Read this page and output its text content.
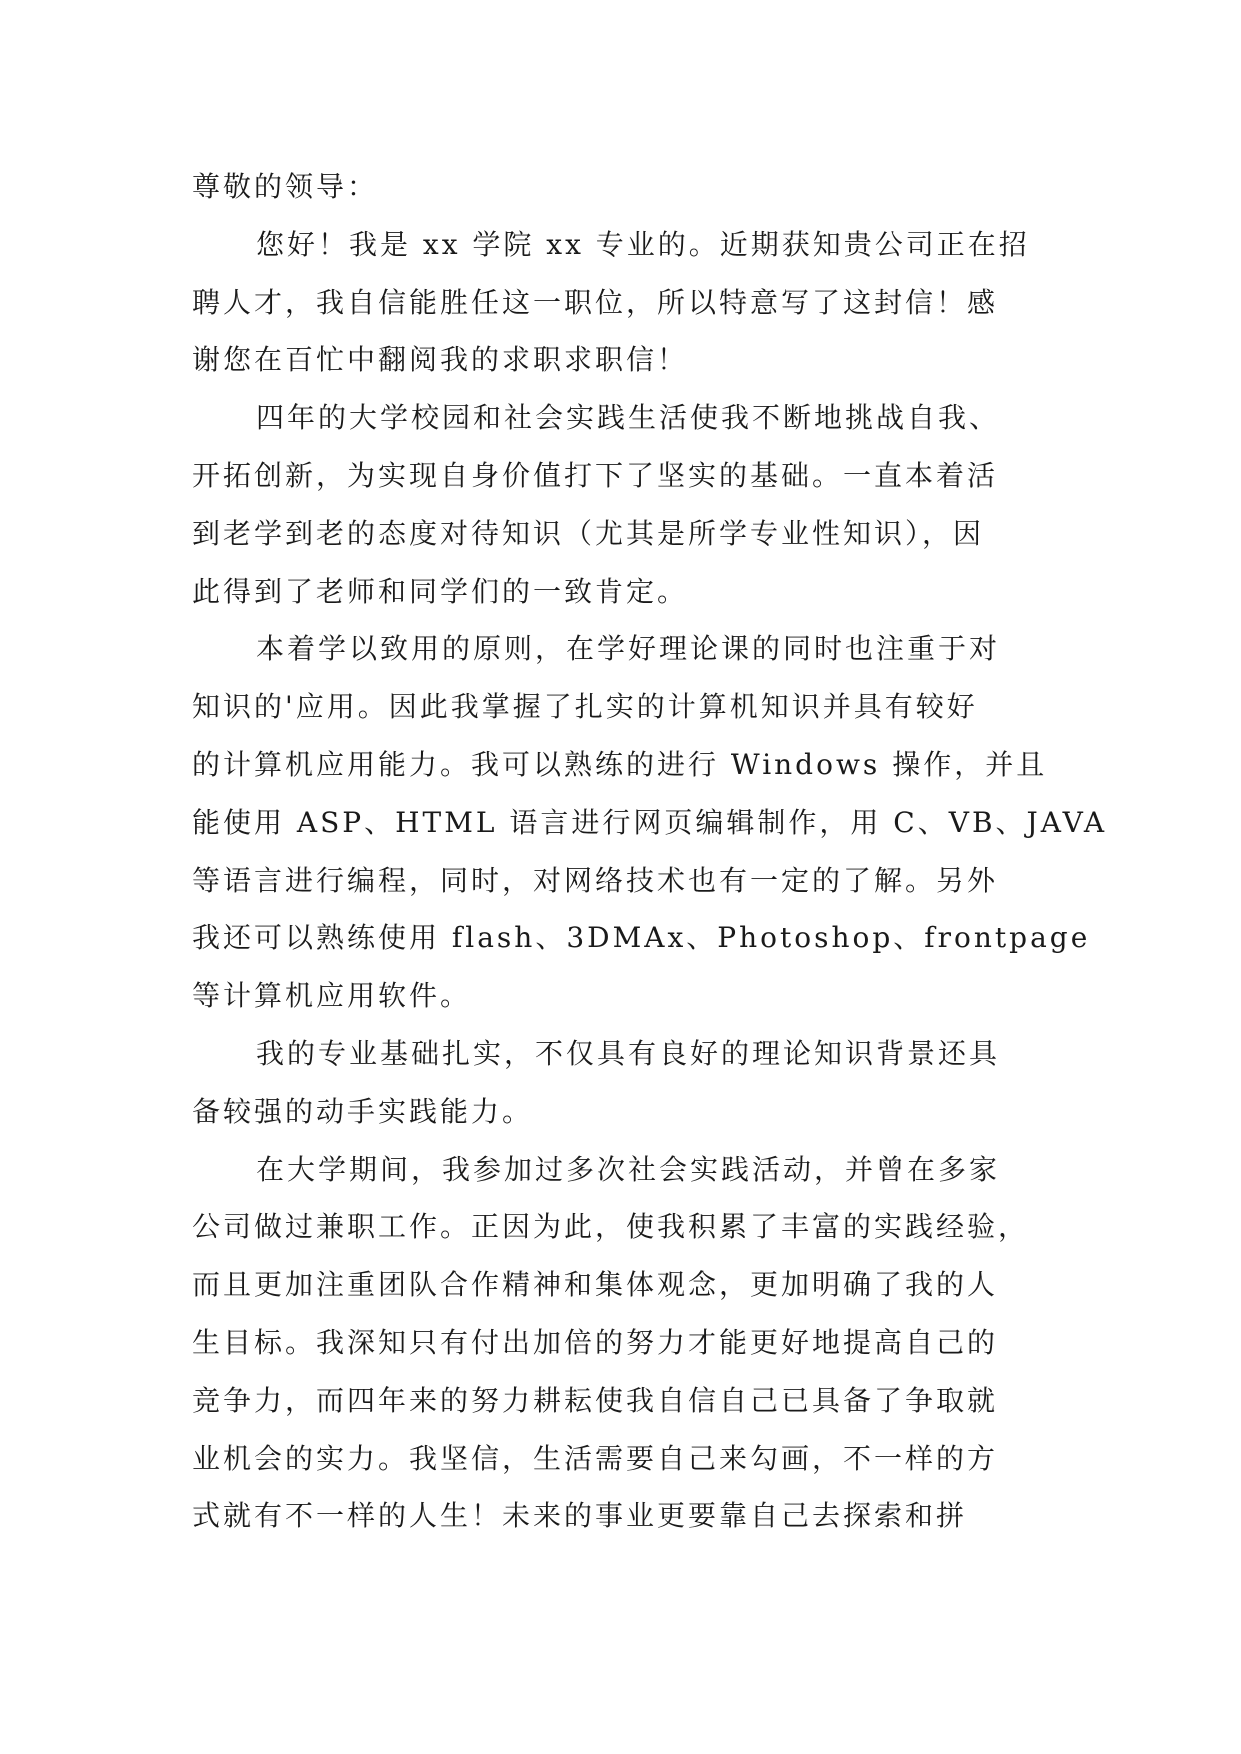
尊敬的领导：
您好！我是 xx 学院 xx 专业的。近期获知贵公司正在招
聘人才，我自信能胜任这一职位，所以特意写了这封信！感
谢您在百忙中翻阅我的求职求职信！
四年的大学校园和社会实践生活使我不断地挑战自我、
开拓创新，为实现自身价值打下了坚实的基础。一直本着活
到老学到老的态度对待知识（尤其是所学专业性知识），因
此得到了老师和同学们的一致肯定。
本着学以致用的原则，在学好理论课的同时也注重于对
知识的'应用。因此我掌握了扎实的计算机知识并具有较好
的计算机应用能力。我可以熟练的进行 Windows 操作，并且
能使用 ASP、HTML 语言进行网页编辑制作，用 C、VB、JAVA
等语言进行编程，同时，对网络技术也有一定的了解。另外
我还可以熟练使用 flash、3DMAx、Photoshop、frontpage
等计算机应用软件。
我的专业基础扎实，不仅具有良好的理论知识背景还具
备较强的动手实践能力。
在大学期间，我参加过多次社会实践活动，并曾在多家
公司做过兼职工作。正因为此，使我积累了丰富的实践经验，
而且更加注重团队合作精神和集体观念，更加明确了我的人
生目标。我深知只有付出加倍的努力才能更好地提高自己的
竞争力，而四年来的努力耕耘使我自信自己已具备了争取就
业机会的实力。我坚信，生活需要自己来勾画，不一样的方
式就有不一样的人生！未来的事业更要靠自己去探索和拼
